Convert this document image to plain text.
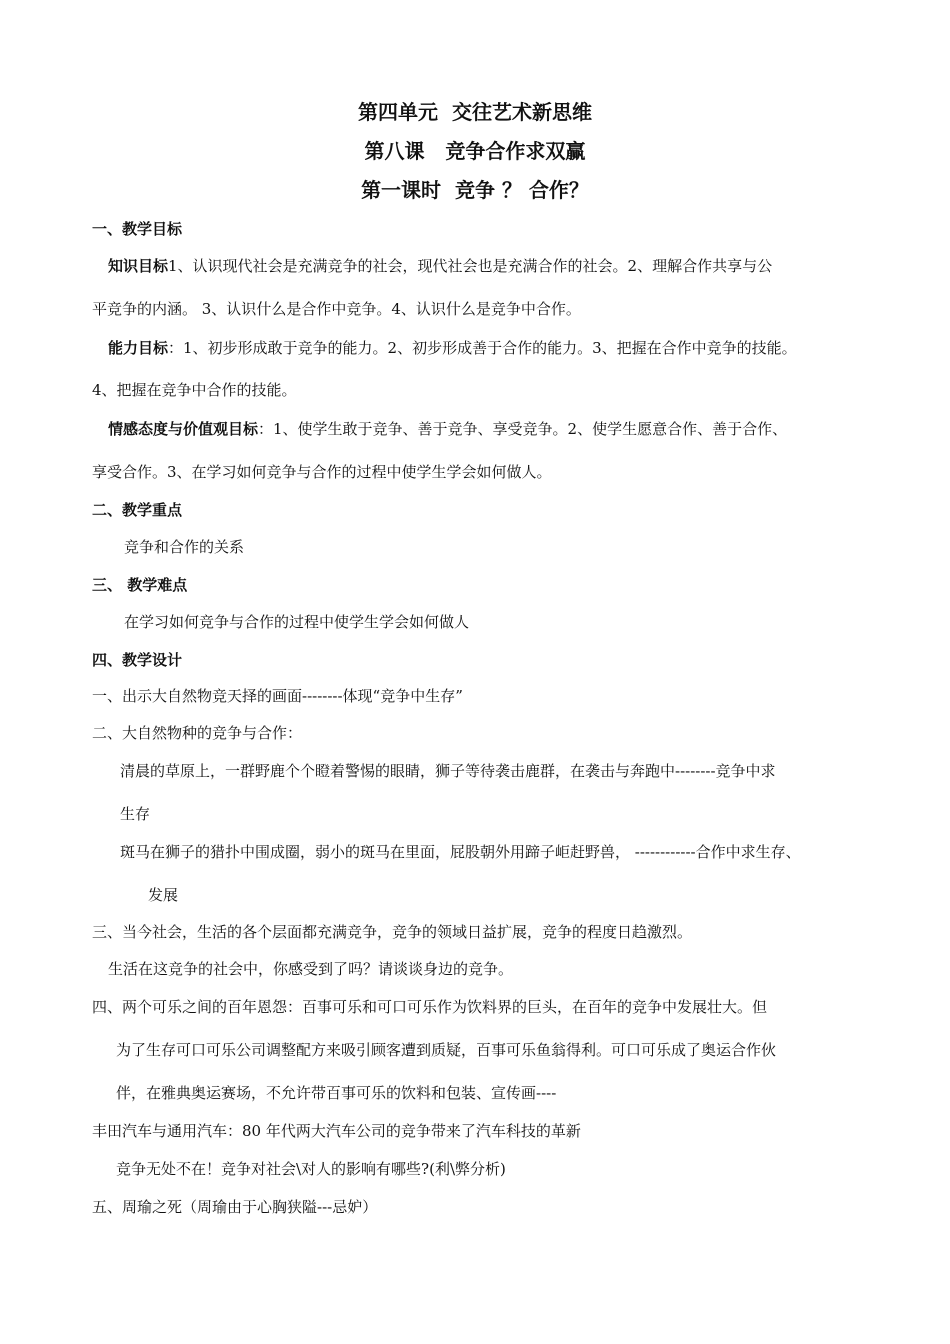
第四单元  交往艺术新思维
第八课   竞争合作求双赢
第一课时  竞争 ？ 合作？
一、教学目标
知识目标1、认识现代社会是充满竞争的社会，现代社会也是充满合作的社会。2、理解合作共享与公
平竞争的内涵。 3、认识什么是合作中竞争。4、认识什么是竞争中合作。
能力目标：1、初步形成敢于竞争的能力。2、初步形成善于合作的能力。3、把握在合作中竞争的技能。
4、把握在竞争中合作的技能。
情感态度与价值观目标：1、使学生敢于竞争、善于竞争、享受竞争。2、使学生愿意合作、善于合作、
享受合作。3、在学习如何竞争与合作的过程中使学生学会如何做人。
二、教学重点
竞争和合作的关系
三、 教学难点
在学习如何竞争与合作的过程中使学生学会如何做人
四、教学设计
一、出示大自然物竞天择的画面--------体现“竞争中生存”
二、大自然物种的竞争与合作：
清晨的草原上，一群野鹿个个瞪着警惕的眼睛，狮子等待袭击鹿群，在袭击与奔跑中--------竞争中求
生存
斑马在狮子的猎扑中围成圈，弱小的斑马在里面，屁股朝外用蹄子岠赶野兽， ------------合作中求生存、
发展
三、当今社会，生活的各个层面都充满竞争，竞争的领域日益扩展，竞争的程度日趋激烈。
生活在这竞争的社会中，你感受到了吗？请谈谈身边的竞争。
四、两个可乐之间的百年恩怨：百事可乐和可口可乐作为饮料界的巨头，在百年的竞争中发展壮大。但
为了生存可口可乐公司调整配方来吸引顾客遭到质疑，百事可乐鱼翁得利。可口可乐成了奥运合作伙
伴，在雅典奥运赛场，不允许带百事可乐的饮料和包装、宣传画----
丰田汽车与通用汽车：80 年代两大汽车公司的竞争带来了汽车科技的革新
竞争无处不在！竞争对社会\对人的影响有哪些?(利\弊分析)
五、周瑜之死（周瑜由于心胸狭隘---忌妒）
